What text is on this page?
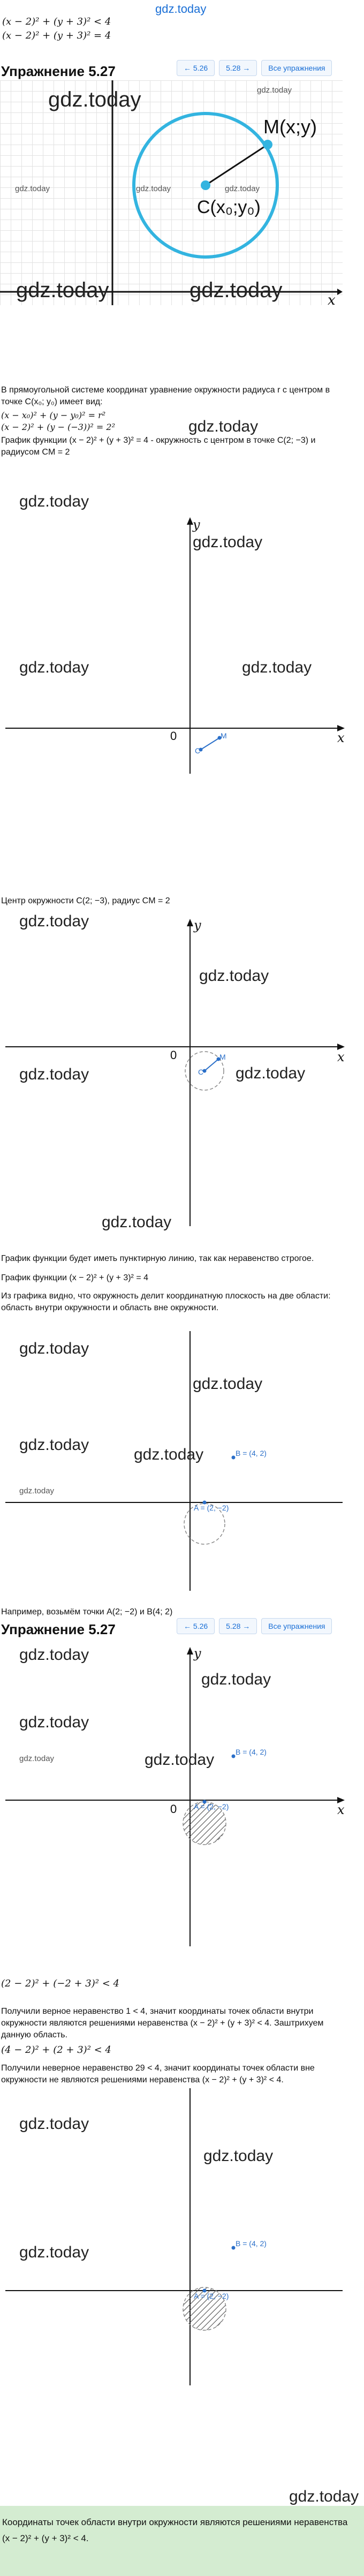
gdz.today
(x − 2)² + (y + 3)² < 4
(x − 2)² + (y + 3)² = 4
Упражнение 5.27	← 5.26	5.28 →	Все упражнения
M(x;y)
C(x₀;y₀)
x
gdz.today	gdz.today
gdz.today	gdz.today	gdz.today
gdz.today	gdz.today
gdz.today
В прямоугольной системе координат уравнение окружности радиуса r с центром в точке C(x₀; y₀) имеет вид:
(x − x₀)² + (y − y₀)² = r²
(x − 2)² + (y − (−3))² = 2²
График функции (x − 2)² + (y + 3)² = 4 - окружность с центром в точке C(2; −3) и радиусом CM = 2
y
x
0
C
M
gdz.today
gdz.today
gdz.today	gdz.today
Центр окружности C(2; −3), радиус CM = 2
y
x
0
C
M
gdz.today
gdz.today
gdz.today	gdz.today
gdz.today
График функции будет иметь пунктирную линию, так как неравенство строгое.
График функции (x − 2)² + (y + 3)² = 4
Из графика видно, что окружность делит координатную плоскость на две области: область внутри окружности и область вне окружности.
B = (4, 2)
A = (2, −2)
gdz.today
gdz.today
gdz.today
gdz.today
gdz.today
Например, возьмём точки A(2; −2) и B(4; 2)
Упражнение 5.27	← 5.26	5.28 →	Все упражнения
y
x
0
B = (4, 2)
A = (2, −2)
gdz.today
gdz.today
gdz.today
gdz.today
gdz.today
(2 − 2)² + (−2 + 3)² < 4
Получили верное неравенство 1 < 4, значит координаты точек области внутри окружности являются решениями неравенства (x − 2)² + (y + 3)² < 4. Заштрихуем данную область.
(4 − 2)² + (2 + 3)² < 4
Получили неверное неравенство 29 < 4, значит координаты точек области вне окружности не являются решениями неравенства (x − 2)² + (y + 3)² < 4.
B = (4, 2)
A = (2, −2)
gdz.today
gdz.today
gdz.today
gdz.today
Координаты точек области внутри окружности являются решениями неравенства (x − 2)² + (y + 3)² < 4.
